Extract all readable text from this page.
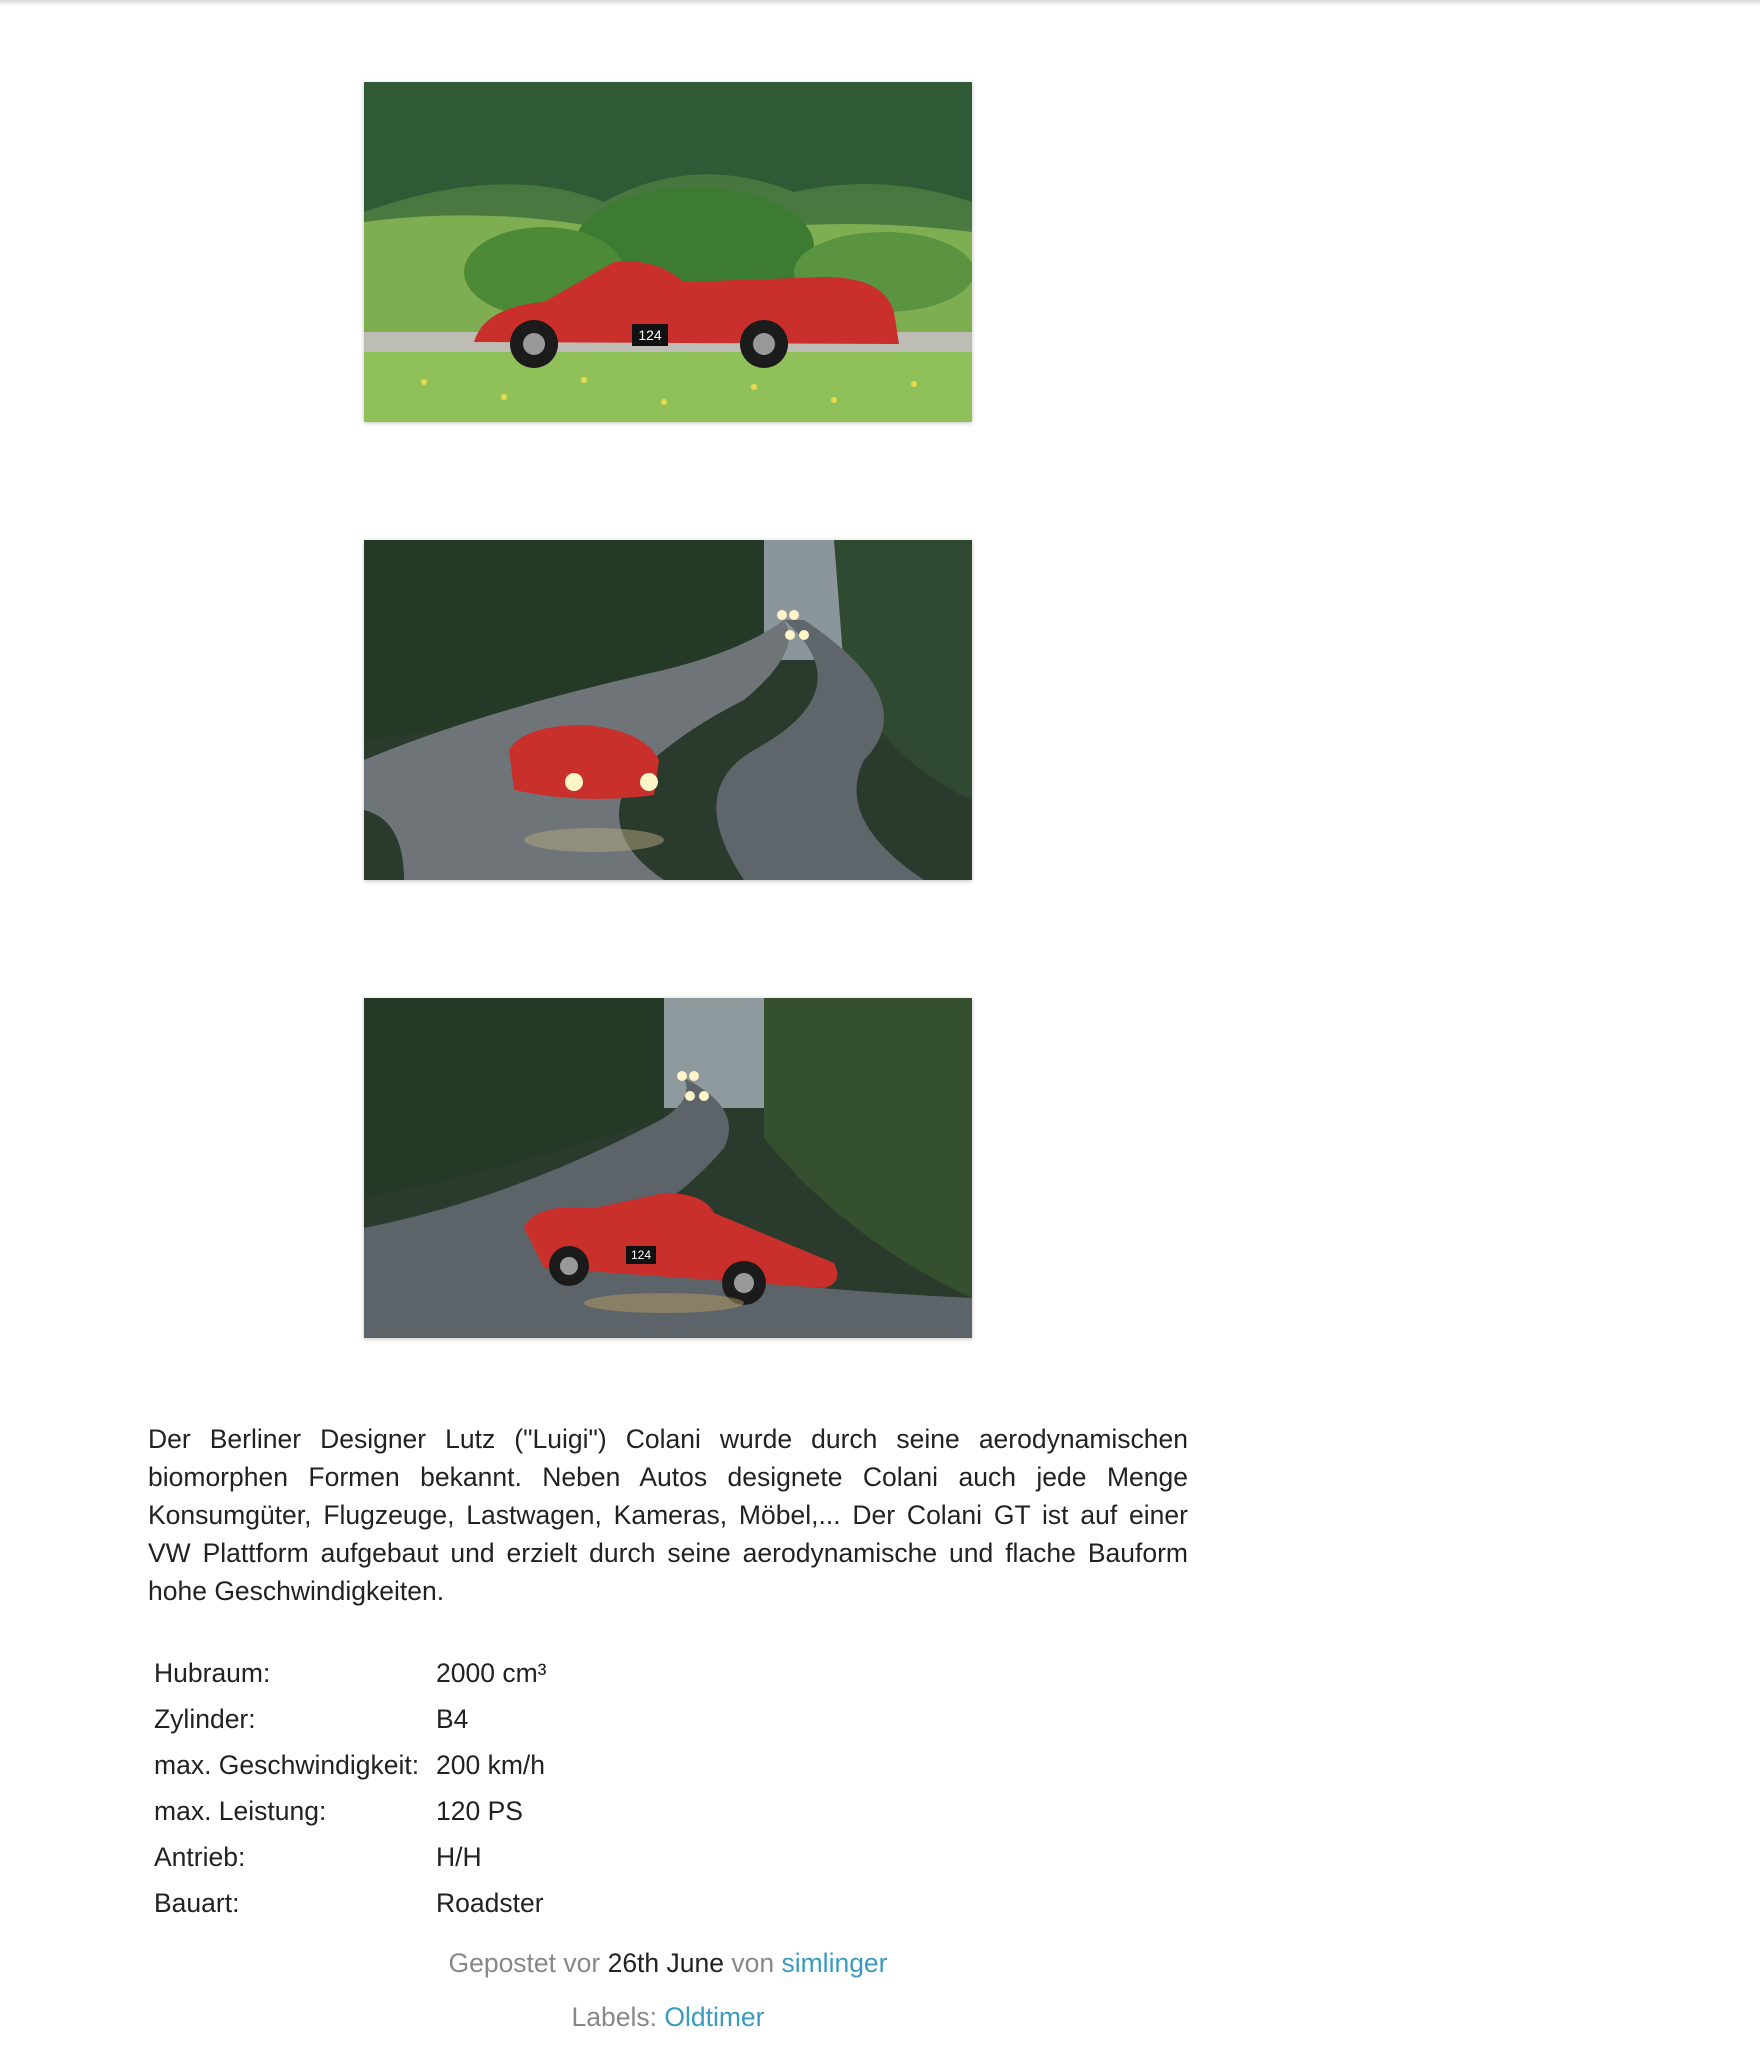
124
124
Der Berliner Designer Lutz ("Luigi") Colani wurde durch seine aerodynamischen biomorphen Formen bekannt. Neben Autos designete Colani auch jede Menge Konsumgüter, Flugzeuge, Lastwagen, Kameras, Möbel,... Der Colani GT ist auf einer VW Plattform aufgebaut und erzielt durch seine aerodynamische und flache Bauform hohe Geschwindigkeiten.
Hubraum:	2000 cm³
Zylinder:	B4
max. Geschwindigkeit:	200 km/h
max. Leistung:	120 PS
Antrieb:	H/H
Bauart:	Roadster
Gepostet vor 26th June von simlinger
Labels: Oldtimer
